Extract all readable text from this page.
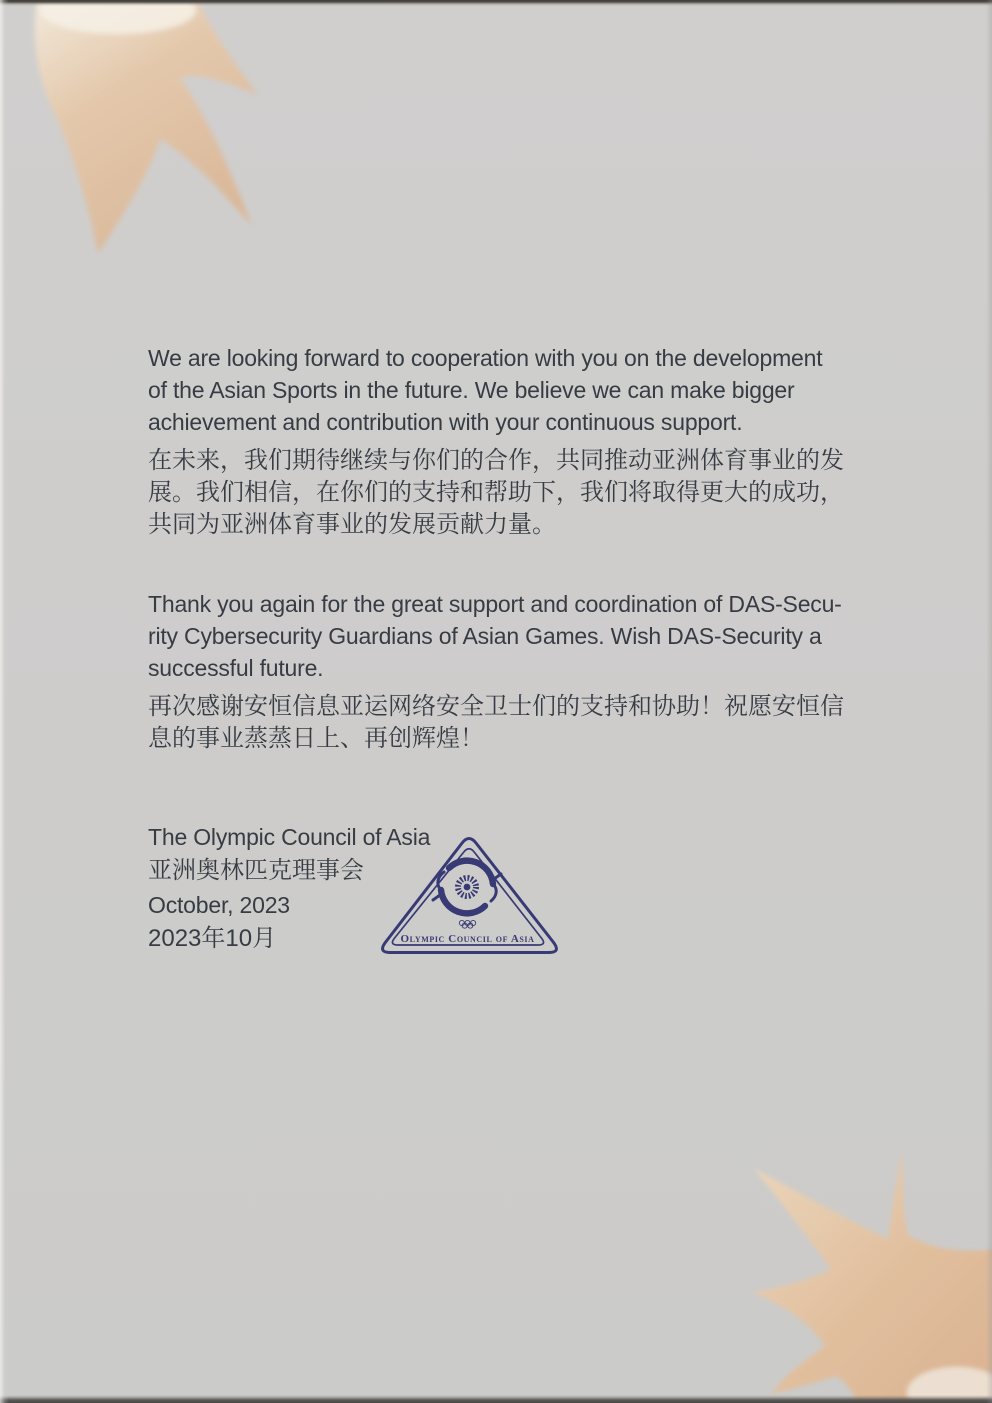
We are looking forward to cooperation with you on the development
of the Asian Sports in the future. We believe we can make bigger
achievement and contribution with your continuous support.
在未来，我们期待继续与你们的合作，共同推动亚洲体育事业的发
展。我们相信，在你们的支持和帮助下，我们将取得更大的成功，
共同为亚洲体育事业的发展贡献力量。
Thank you again for the great support and coordination of DAS-Secu-
rity Cybersecurity Guardians of Asian Games. Wish DAS-Security a
successful future.
再次感谢安恒信息亚运网络安全卫士们的支持和协助！祝愿安恒信
息的事业蒸蒸日上、再创辉煌！
The Olympic Council of Asia
亚洲奥林匹克理事会
October, 2023
2023年10月	Olympic Council of Asia
